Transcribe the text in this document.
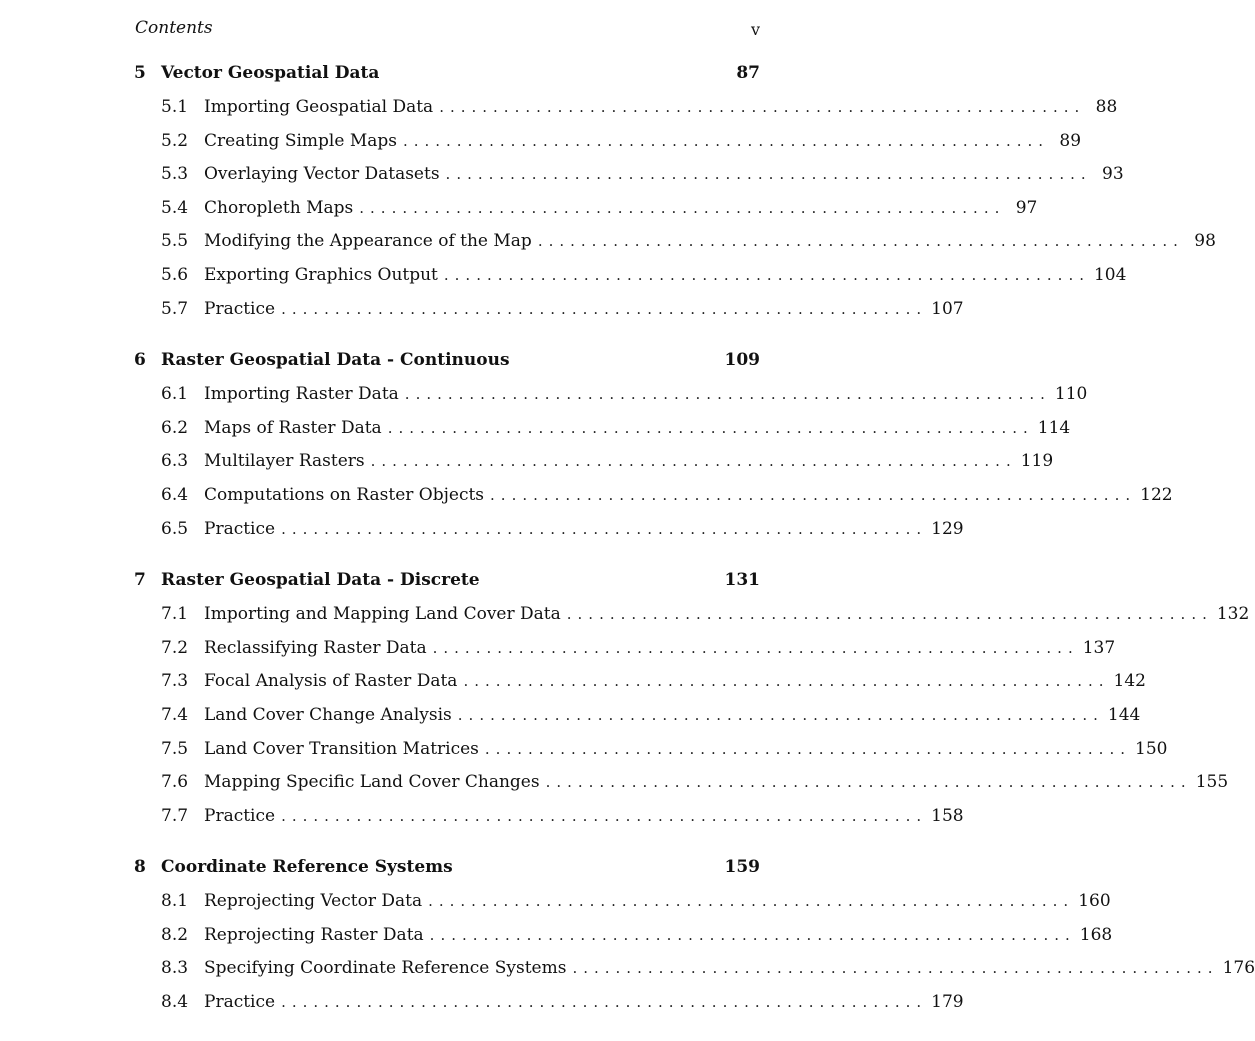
Contents	v
5 Vector Geospatial Data	87
5.1 Importing Geospatial Data ............................................................ 88
5.2 Creating Simple Maps ............................................................ 89
5.3 Overlaying Vector Datasets ............................................................ 93
5.4 Choropleth Maps ............................................................ 97
5.5 Modifying the Appearance of the Map ............................................................ 98
5.6 Exporting Graphics Output ............................................................ 104
5.7 Practice ............................................................ 107
6 Raster Geospatial Data - Continuous	109
6.1 Importing Raster Data ............................................................ 110
6.2 Maps of Raster Data ............................................................ 114
6.3 Multilayer Rasters ............................................................ 119
6.4 Computations on Raster Objects ............................................................ 122
6.5 Practice ............................................................ 129
7 Raster Geospatial Data - Discrete	131
7.1 Importing and Mapping Land Cover Data ............................................................ 132
7.2 Reclassifying Raster Data ............................................................ 137
7.3 Focal Analysis of Raster Data ............................................................ 142
7.4 Land Cover Change Analysis ............................................................ 144
7.5 Land Cover Transition Matrices ............................................................ 150
7.6 Mapping Specific Land Cover Changes ............................................................ 155
7.7 Practice ............................................................ 158
8 Coordinate Reference Systems	159
8.1 Reprojecting Vector Data ............................................................ 160
8.2 Reprojecting Raster Data ............................................................ 168
8.3 Specifying Coordinate Reference Systems ............................................................ 176
8.4 Practice ............................................................ 179
